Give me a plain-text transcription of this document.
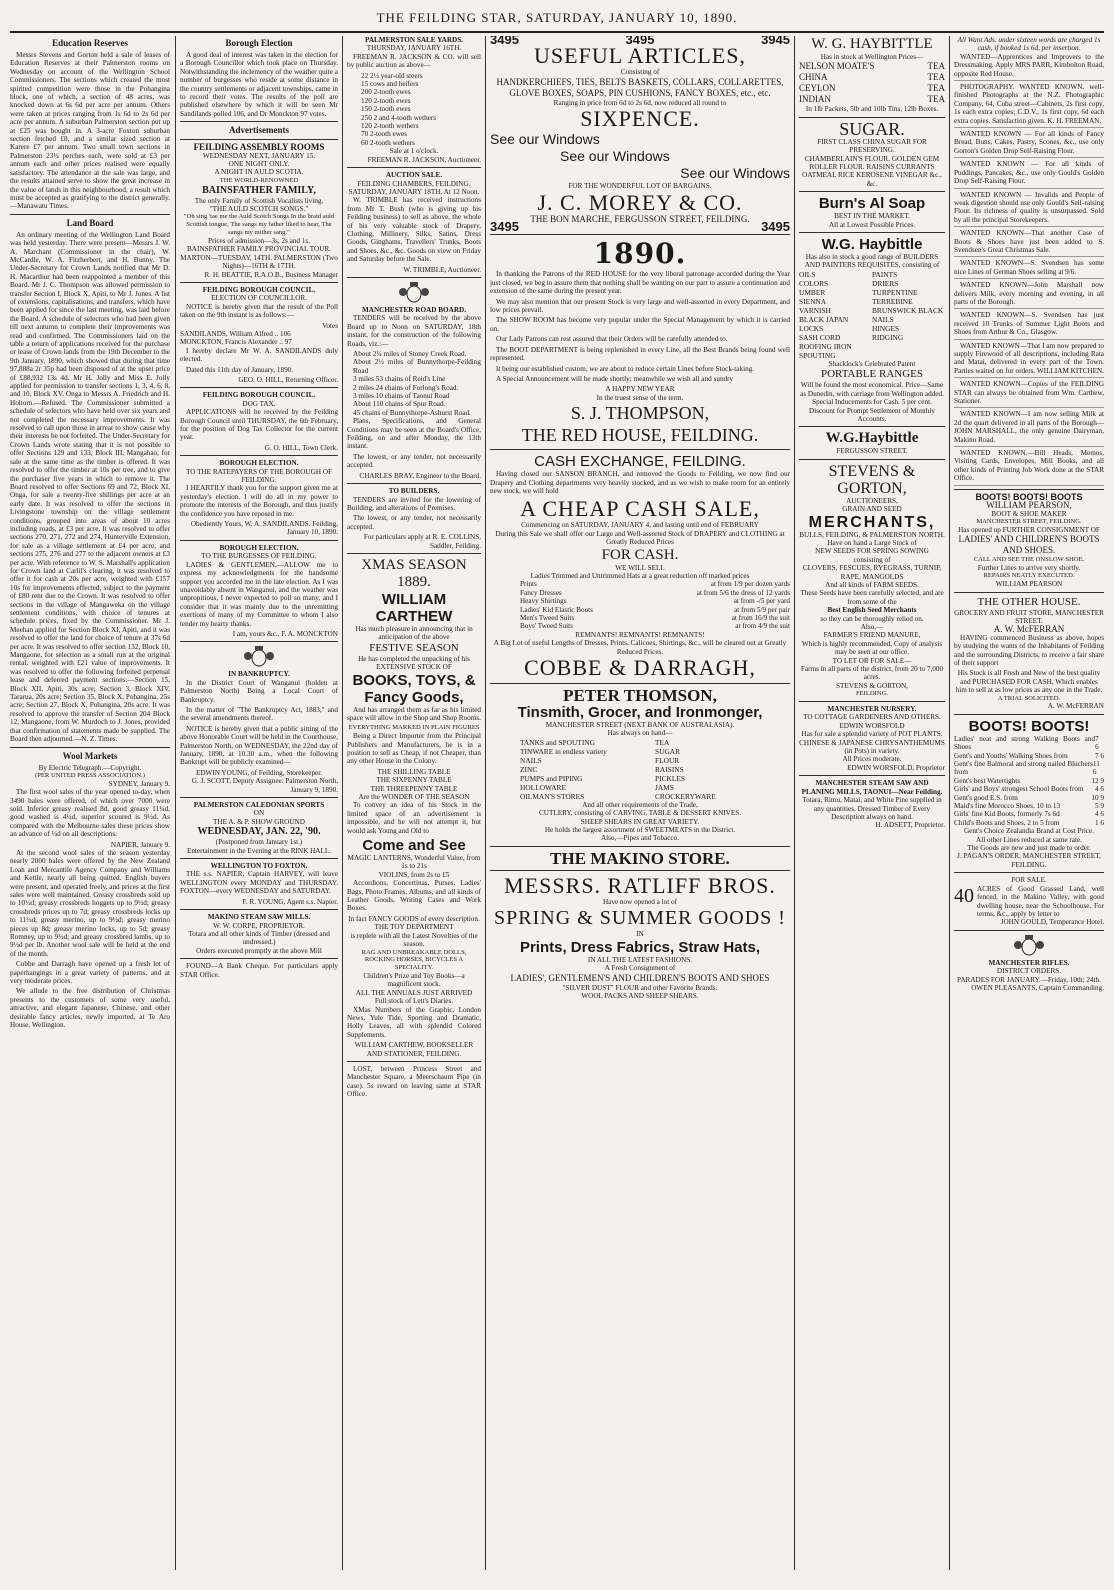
THE FEILDING STAR, SATURDAY, JANUARY 10, 1890.
Education Reserves

Messrs Stevens and Gorton held a sale of leases of Education Reserves at their Palmerston rooms on Wednesday on account of the Wellington School Commissioners. The sections which created the most spirited competition were those in the Pohangina block, one of which, a section of 48 acres, was knocked down at 6s 6d per acre per annum. Others were taken at prices ranging from 1s 6d to 2s 6d per acre per annum. A suburban Palmerston section put up at £25 was bought in. A 3-acre Foxton suburban section fetched £8, and a similar sized section at Karere £7 per annum. Two small town sections in Palmerston 23½ perches each, were sold at £3 per annum each and other prices realised were equally satisfactory. The attendance at the sale was large, and the results attained serve to show the great increase in the value of lands in this neighbourhood, a result which must be accepted as gratifying to the district generally.—Manawatu Times.

Land Board

An ordinary meeting of the Wellington Land Board was held yesterday. There were present—Messrs J. W. A. Marchant (Commissioner in the chair), W. McCardle, W. A. Fitzherbert, and H. Bunny. The Under-Secretary for Crown Lands notified that Mr D. H. Macarthur had been reappointed a member of this Board. Mr J. C. Thompson was allowed permission to transfer Section I, Block X, Apiti, to Mr J. Jones. A list of extensions, capitalisations, and transfers, which have been applied for since the last meeting, was laid before the Board. A schedule of selectors who had been given till next autumn to complete their improvements was read and confirmed. The Commissioners laid on the table a return of applications received for the purchase or lease of Crown lands from the 19th December to the 9th January, 1890, which showed that during that time 97,888a 2r 35p had been disposed of at the upset price of £88,932 13s 4d. Mr H. Jolly and Miss E. Jolly applied for permission to transfer sections 1, 3, 4, 6, 8, and 10, Block XV, Onga to Messrs A. Friedrich and H. Holtorn.—Refused. The Commissioner submitted a schedule of selectors who have held over six years and not completed the necessary improvements. It was resolved to call upon those in arrear to show cause why their interests be not forfeited. The Under-Secretary for Crown Lands wrote stating that it is not possible to offer Sections 129 and 133, Block III, Mangahao, for sale at the same time as the timber is offered. It was resolved to offer the timber at 10s per tree, and to give the purchaser five years in which to remove it. The Board resolved to offer Sections 69 and 72, Block XI, Onga, for sale a twenty-five shillings per acre at an early date. It was resolved to offer the sections in Livingstone township on the village settlement conditions, grouped into areas of about 10 acres including roads, at £3 per acre. It was resolved to offer sections 270, 271, 272 and 274, Hunterville Extension, for sale as a village settlement at £4 per acre, and sections 275, 276 and 277 to the adjacent owners at £3 per acre. With reference to W. S. Marshall's application for Crown land at Carlil's clearing, it was resolved to offer it for cash at 20s per acre, weighted with £157 10s for improvements effected, subject to the payment of £80 rent due to the Crown. It was resolved to offer sections in the village of Mangaweka on the village settlement conditions, with choice of tenures at schedule prices, fixed by the Commissioner. Mr J. Meehan applied for Section Block XI, Apiti, and it was resolved to offer the land for choice of tenure at 37s 6d per acre. It was resolved to offer section 132, Block 10, Mangaone, for selection as a small run at the original rental, weighted with £21 value of improvements. It was resolved to offer the following forfeited perpetual lease and deferred payment sections:—Section 15, Block XII, Apiti, 30s acre; Section 3, Block XIV, Tararua, 20s acre; Section 35, Block X, Pohangina, 25s acre; Section 27, Block X, Pohangina, 20s acre. It was resolved to approve the transfer of Section 204 Block 12, Mangaone, from W. Murdoch to J. Jones, provided that confirmation of statements made be supplied. The Board then adjourned.—N. Z. Times.

Wool Markets
By Electric Telegraph.—Copyright.
(PER UNITED PRESS ASSOCIATION.)
SYDNEY, January 9.

The first wool sales of the year opened to-day, when 3490 bales were offered, of which over 7000 were sold. Inferior greasy realised 8d, good greasy 11¼d, good washed is 4¼d, superior scoured is 9½d. As compared with the Melbourne sales these prices show an advance of ¼d on all descriptions.

NAPIER, January 9.

At the second wool sales of the season yesterday nearly 2000 bales were offered by the New Zealand Loan and Mercantile Agency Company and Williams and Kettle, nearly all being quitted. English buyers were present, and operated freely, and prices at the first sales were well maintained. Greasy crossbreds sold up to 10½d; greasy crossbreds hoggets up to 9½d; greasy crossbreds prices up to 7d; greasy crossbreds locks up to 11½d; greasy merino, up to 9½d; greasy merino pieces up 8d; greasy merino locks, up to 5d; greasy Romney, up to 9½d; and greasy crossbred lambs, up to 9½d per lb. Another wool sale will be held at the end of the month.

Cobbe and Darragh have opened up a fresh lot of paperhangings in a great variety of patterns, and at very moderate prices.

We allude to the free distribution of Christmas presents to the customers of some very useful, attractive, and elegant Japanese, Chinese, and other desirable fancy articles, newly imported, at Te Aro House, Wellington.

Borough Election

A good deal of interest was taken in the election for a Borough Councillor which took place on Thursday. Notwithstanding the inclemency of the weather quite a number of burgesses who reside at some distance in the country settlements or adjacent townships, came in to record their votes. The results of the poll are published elsewhere by which it will be seen Mr Sandilands polled 106, and Dr Monckton 97 votes.

Advertisements
FEILDING ASSEMBLY ROOMS
WEDNESDAY NEXT, JANUARY 15.
ONE NIGHT ONLY.
A NIGHT IN AULD SCOTIA.
THE WORLD-RENOWNED
BAINSFATHER FAMILY,
The only Family of Scottish Vocalists living.
"THE AULD SCOTCH SONGS."
"Oh sing 'tae me the Auld Scotch Songs In the braid auld Scottish tongue, The sangs my father liked to hear, The sangs my mither sang."
Prices of admission—3s, 2s and 1s.
BAINSFATHER FAMILY PROVINCIAL TOUR.
MARTON—TUESDAY, 14TH. PALMERSTON (Two Nights)—16TH & 17TH.
R. H. BEATTIE, R.A.O.B., Business Manager
FEILDING BOROUGH COUNCIL.
ELECTION OF COUNCILLOR.

NOTICE is hereby given that the result of the Poll taken on the 9th instant is as follows:—

Votes
SANDILANDS, William Alfred .. 106
MONCKTON, Francis Alexander .. 97

I hereby declare Mr W. A. SANDILANDS duly elected.

Dated this 11th day of January, 1890.

GEO. O. HILL, Returning Officer.
FEILDING BOROUGH COUNCIL.
DOG TAX.

APPLICATIONS will be received by the Feilding Borough Council until THURSDAY, the 6th February, for the position of Dog Tax Collector for the current year.

G. O. HILL, Town Clerk.
BOROUGH ELECTION.
TO THE RATEPAYERS OF THE BOROUGH OF FEILDING.

I HEARTILY thank you for the support given me at yesterday's election. I will do all in my power to promote the interests of the Borough, and thus justify the confidence you have reposed in me.

Obediently Yours, W. A. SANDILANDS. Feilding, January 10, 1890.
BOROUGH ELECTION.
TO THE BURGESSES OF FEILDING.

LADIES & GENTLEMEN,—ALLOW me to express my acknowledgments for the handsome support you accorded me in the late election. As I was unavoidably absent in Wanganui, and the weather was unpropitious, I never expected to poll so many, and I consider that it was mainly due to the unremitting exertions of many of my Committee to whom I also tender my hearty thanks.

I am, yours &c., F. A. MONCKTON
IN BANKRUPTCY.

In the District Court of Wanganui (holden at Palmerston North) Being a Local Court of Bankruptcy.

In the matter of "The Bankruptcy Act, 1883," and the several amendments thereof.

NOTICE is hereby given that a public sitting of the above Honorable Court will be held in the Courthouse, Palmerston North, on WEDNESDAY, the 22nd day of January, 1890, at 10.30 a.m., when the following Bankrupt will be publicly examined—

EDWIN YOUNG, of Feilding, Storekeeper.
G. J. SCOTT, Deputy Assignee. Palmerston North, January 9, 1890.
PALMERSTON CALEDONIAN SPORTS
ON
THE A. & P. SHOW GROUND
WEDNESDAY, JAN. 22, '90.
(Postponed from January 1st.)
Entertainment in the Evening at the RINK HALL.
WELLINGTON TO FOXTON.

THE s.s. NAPIER, Captain HARVEY, will leave WELLINGTON every MONDAY and THURSDAY. FOXTON—every WEDNESDAY and SATURDAY.

F. R. YOUNG, Agent s.s. Napier.
MAKINO STEAM SAW MILLS.
W. W. CORPE, PROPRIETOR.
Totara and all other kinds of Timber (dressed and undressed.)
Orders executed promptly at the above Mill

FOUND—A Bank Cheque. For particulars apply STAR Office.

PALMERSTON SALE YARDS.
THURSDAY, JANUARY 16TH.

FREEMAN R. JACKSON & CO. will sell by public auction as above—

22 2½ year-old steers
15 cows and heifers
200 2-tooth ewes
120 2-tooth ewes
150 2-tooth ewes
250 2 and 4-tooth wethers
120 2-tooth wethers
70 2-tooth ewes
60 2-tooth wethers
Sale at 1 o'clock.
FREEMAN R. JACKSON, Auctioneer.
AUCTION SALE.
FEILDING CHAMBERS, FEILDING.
SATURDAY, JANUARY 18TH, At 12 Noon.

W. TRIMBLE has received instructions from Mr T. Bush (who is giving up his Feilding business) to sell as above, the whole of his very valuable stock of Drapery, Clothing, Millinery, Silks, Satins, Dress Goods, Ginghams, Travellers' Trunks, Boots and Shoes, &c., &c. Goods on view on Friday and Saturday before the Sale.

W. TRIMBLE, Auctioneer.
MANCHESTER ROAD BOARD.

TENDERS will be received by the above Board up to Noon on SATURDAY, 18th instant, for the construction of the following Roads, viz.:—

About 2¼ miles of Stoney Creek Road.
About 2½ miles of Bunnythorpe-Feilding Road
3 miles 53 chains of Reid's Line
2 miles 24 chains of Forlong's Road.
3 miles 10 chains of Taonui Road
About 110 chains of Spur Road.
45 chains of Bunnythorpe-Ashurst Road.

Plans, Specifications, and General Conditions may be seen at the Board's Office, Feilding, on and after Monday, the 13th instant.

The lowest, or any tender, not necessarily accepted.

CHARLES BRAY, Engineer to the Board.
TO BUILDERS.

TENDERS are invited for the lowering of Building, and alterations of Premises.

The lowest, or any tender, not necessarily accepted.

For particulars apply at R. E. COLLINS, Saddler, Feilding.
XMAS SEASON 1889.
WILLIAM CARTHEW
Has much pleasure in announcing that in anticipation of the above
FESTIVE SEASON
He has completed the unpacking of his EXTENSIVE STOCK OF
BOOKS, TOYS, &
Fancy Goods,

And has arranged them as far as his limited space will allow in the Shop and Shop Rooms.

EVERYTHING MARKED IN PLAIN FIGURES

Being a Direct Importer from the Principal Publishers and Manufacturers, he is in a position to sell as Cheap, if not Cheaper, than any other House in the Colony.

THE SHILLING TABLE
THE SIXPENNY TABLE
THE THREEPENNY TABLE
Are the WONDER OF THE SEASON

To convey an idea of his Stock in the limited space of an advertisement is impossible, and he will not attempt it, but would ask Young and Old to

Come and See
MAGIC LANTERNS, Wonderful Value, from 1s to 21s
VIOLINS, from 2s to £5

Accordions, Concertinas, Purses, Ladies' Bags, Photo Frames, Albums, and all kinds of Leather Goods, Writing Cases and Work Boxes.

In fact FANCY GOODS of every description.
THE TOY DEPARTMENT
is replete with all the Latest Novelties of the season.
RAG AND UNBREAKABLE DOLLS, ROCKING HORSES, BICYCLES A SPECIALITY.
Children's Prize and Toy Books—a magnificent stock.
ALL THE ANNUALS JUST ARRIVED
Full stock of Lett's Diaries.

XMas Numbers of the Graphic, London News, Yule Tide, Sporting and Dramatic, Holly Leaves, all with splendid Colored Supplements.

WILLIAM CARTHEW, BOOKSELLER AND STATIONER, FEILDING.

LOST, between Princess Street and Manchester Square, a Meerschaum Pipe (in case). 5s reward on leaving same at STAR Office.

3495	3495	3945
USEFUL ARTICLES,
Consisting of
HANDKERCHIEFS, TIES, BELTS BASKETS, COLLARS, COLLARETTES, GLOVE BOXES, SOAPS, PIN CUSHIONS, FANCY BOXES, etc., etc.
Ranging in price from 6d to 2s 6d, now reduced all round to
SIXPENCE.
See our Windows
See our Windows
See our Windows
FOR THE WONDERFUL LOT OF BARGAINS.
J. C. MOREY & CO.
THE BON MARCHE, FERGUSSON STREET, FEILDING.
3495	3495
1890.

In thanking the Patrons of the RED HOUSE for the very liberal patronage accorded during the Year just closed, we beg to assure them that nothing shall be wanting on our part to assure a continuation and extension of the same during the present year.

We may also mention that our present Stock is very large and well-assorted in every Department, and low prices prevail.

The SHOW ROOM has become very popular under the Special Management by which it is carried on.

Our Lady Patrons can rest assured that their Orders will be carefully attended to.

The BOOT DEPARTMENT is being replenished in every Line, all the Best Brands being found well represented.

It being our established custom, we are about to reduce certain Lines before Stock-taking.

A Special Announcement will be made shortly; meanwhile we wish all and sundry

A HAPPY NEW YEAR
In the truest sense of the term.
S. J. THOMPSON,
THE RED HOUSE, FEILDING.
CASH EXCHANGE, FEILDING.

Having closed our SANSON BRANCH, and removed the Goods to Feilding, we now find our Drapery and Clothing departments very heavily stocked, and as we wish to make room for an entirely new stock, we will hold

A CHEAP CASH SALE,
Commencing on SATURDAY, JANUARY 4, and lasting until end of FEBRUARY
During this Sale we shall offer our Large and Well-assorted Stock of DRAPERY and CLOTHING at Greatly Reduced Prices
FOR CASH.
WE WILL SELL
Ladies Trimmed and Untrimmed Hats at a great reduction off marked prices
Prints	at from 1/9 per dozen yards
Fancy Dresses	at from 5/6 the dress of 12 yards
Heavy Shirtings	at from -/5 per yard
Ladies' Kid Elastic Boots	at from 5/9 per pair
Men's Tweed Suits	at from 16/9 the suit
Boys' Tweed Suits	at from 4/9 the suit
REMNANTS! REMNANTS! REMNANTS!
A Big Lot of useful Lengths of Dresses, Prints, Calicoes, Shirtings, &c., will be cleared out at Greatly Reduced Prices.
COBBE & DARRAGH,
PETER THOMSON,
Tinsmith, Grocer, and Ironmonger,
MANCHESTER STREET (NEXT BANK OF AUSTRALASIA).
Has always on hand—
TANKS and SPOUTING
TINWARE in endless variety
NAILS
ZINC
PUMPS and PIPING
HOLLOWARE
OILMAN'S STORES
TEA
SUGAR
FLOUR
RAISINS
PICKLES
JAMS
CROCKERYWARE
And all other requirements of the Trade,
CUTLERY, consisting of CARVING, TABLE & DESSERT KNIVES.
SHEEP SHEARS IN GREAT VARIETY.
He holds the largest assortment of SWEETMEATS in the District.
Also,—Pipes and Tobacco.
THE MAKINO STORE.
MESSRS. RATLIFF BROS.
Have now opened a lot of
SPRING & SUMMER GOODS !
IN
Prints, Dress Fabrics, Straw Hats,
IN ALL THE LATEST FASHIONS.
A Fresh Consignment of
LADIES', GENTLEMEN'S AND CHILDREN'S BOOTS AND SHOES
"SILVER DUST" FLOUR and other Favorite Brands.
WOOL PACKS AND SHEEP SHEARS.
W. G. HAYBITTLE
Has in stock at Wellington Prices—
NELSON MOATE'S	TEA
CHINA	TEA
CEYLON	TEA
INDIAN	TEA
In 1lb Packets, 5lb and 10lb Tins, 12lb Boxes.
SUGAR.
FIRST CLASS CHINA SUGAR FOR PRESERVING.
CHAMBERLAIN'S FLOUR, GOLDEN GEM ROLLER FLOUR. RAISINS CURRANTS OATMEAL RICE KEROSENE VINEGAR &c., &c.
Burn's Al Soap
BEST IN THE MARKET.
All at Lowest Possible Prices.
W.G. Haybittle
Has also in stock a good range of BUILDERS AND PAINTERS REQUISITES, consisting of
OILS
COLORS
UMBER
SIENNA
VARNISH
BLACK JAPAN
LOCKS
SASH CORD
ROOFING IRON
SPOUTING
PAINTS
DRIERS
TURPENTINE
TERREBINE
BRUNSWICK BLACK
NAILS
HINGES
RIDGING
Shacklock's Celebrated Patent
PORTABLE RANGES
Will be found the most economical. Price—Same as Dunedin, with carriage from Wellington added. Special Inducements for Cash. 5 per cent. Discount for Prompt Settlement of Monthly Accounts.
W.G.Haybittle
FERGUSSON STREET.
STEVENS & GORTON,
AUCTIONEERS,
GRAIN AND SEED
MERCHANTS,
BULLS, FEILDING, & PALMERSTON NORTH.
Have on hand a Large Stock of
NEW SEEDS FOR SPRING SOWING
consisting of
CLOVERS, FESCUES, RYEGRASS, TURNIP, RAPE, MANGOLDS
And all kinds of FARM SEEDS.
These Seeds have been carefully selected, and are from some of the
Best English Seed Merchants
so they can be thoroughly relied on.
Also,—
FARMER'S FRIEND MANURE,
Which is highly recommended. Copy of analysis may be seen at our office.
TO LET OR FOR SALE—
Farms in all parts of the district, from 20 to 7,000 acres.
STEVENS & GORTON,
FEILDING.
MANCHESTER NURSERY.
TO COTTAGE GARDENERS AND OTHERS.
EDWIN WORSFOLD
Has for sale a splendid variety of POT PLANTS.
CHINESE & JAPANESE CHRYSANTHEMUMS (in Pots) in variety.
All Prices moderate.
EDWIN WORSFOLD, Proprietor
MANCHESTER STEAM SAW AND PLANING MILLS, TAONUI—Near Feilding.
Totara, Rimu, Matai, and White Pine supplied in any quantities. Dressed Timber of Every Description always on hand.
H. ADSETT, Proprietor.
All Want Ads. under sixteen words are charged 1s cash, if booked 1s 6d, per insertion.

WANTED—Apprentices and Improvers to the Dressmaking. Apply MRS PARR, Kimbolton Road, opposite Red House.

PHOTOGRAPHY. WANTED KNOWN, well-finished Photographs at the N.Z. Photographic Company, 64, Cuba street—Cabinets, 2s first copy, 1s each extra copies; C.D.V., 1s first copy, 6d each extra copies. Satisfaction given. K. H. FREEMAN.

WANTED KNOWN — For all kinds of Fancy Bread, Buns, Cakes, Pastry, Scones, &c., use only Gorton's Golden Drop Self-Raising Flour.

WANTED KNOWN — For all kinds of Puddings, Pancakes, &c., use only Gould's Golden Drop Self-Raising Flour.

WANTED KNOWN — Invalids and People of weak digestion should use only Gould's Self-raising Flour. Its richness of quality is unsurpassed. Sold by all the principal Storekeepers.

WANTED KNOWN—That another Case of Boots & Shoes have just been added to S. Svendsen's Great Christmas Sale.

WANTED KNOWN—S. Svendsen has some nice Lines of German Shoes selling at 9/6.

WANTED KNOWN—John Marshall now delivers Milk, every morning and evening, in all parts of the Borough.

WANTED KNOWN—S. Svendsen has just received 10 Trunks of Summer Light Boots and Shoes from Arthur & Co., Glasgow.

WANTED KNOWN—That I am now prepared to supply Firewood of all descriptions, including Rata and Matai, delivered in every part of the Town. Parties waited on for orders. WILLIAM KITCHEN.

WANTED KNOWN—Copies of the FEILDING STAR can always be obtained from Wm. Carthew, Stationer.

WANTED KNOWN—I am now selling Milk at 2d the quart delivered in all parts of the Borough—JOHN MARSHALL, the only genuine Dairyman, Makino Road.

WANTED KNOWN.—Bill Heads, Memos, Visiting Cards, Envelopes, Mill Books, and all other kinds of Printing Job Work done at the STAR Office.

BOOTS! BOOTS! BOOTS
WILLIAM PEARSON,
BOOT & SHOE MAKER
MANCHESTER STREET, FEILDING.
Has opened up FURTHER CONSIGNMENT OF
LADIES' AND CHILDREN'S BOOTS AND SHOES.
CALL AND SEE THE ONSLOW SHOE.
Further Lines to arrive very shortly.
REPAIRS NEATLY EXECUTED.
WILLIAM PEARSON
THE OTHER HOUSE.
GROCERY AND FRUIT STORE, MANCHESTER STREET.
A. W. McFERRAN

HAVING commenced Business as above, hopes by studying the wants of the Inhabitants of Feilding and the surrounding Districts, to receive a fair share of their support

His Stock is all Fresh and New of the best quality and PURCHASED FOR CASH, Which enables him to sell at as low prices as any one in the Trade.
A TRIAL SOLICITED.
A. W. McFERRAN
BOOTS! BOOTS!
Ladies' neat and strong Walking Boots and Shoes
7 6
Gent's and Youths' Walking Shoes from	7 6
Gent's fine Balmoral and strong nailed Bluchers from
11 6
Gent's best Watertights	12 9
Girls' and Boys' strongest School Boots from 4 6
Gent's good E.S. from	10 9
Maid's fine Morocco Shoes, 10 to 13	5 9
Girls' fine Kid Boots, formerly 7s 6d	4 6
Child's Boots and Shoes, 2 to 5 from	1 6
Gent's Choice Zealandia Brand at Cost Price.
All other Lines reduced at same rate.
The Goods are new and just made to order.
J. PAGAN'S ORDER, MANCHESTER STREET, FEILDING.
FOR SALE.
40 ACRES of Good Grassed Land, well fenced, in the Makino Valley, with good dwelling house, near the Schoolhouse. For terms, &c., apply by letter to
JOHN GOULD, Temperance Hotel.
MANCHESTER RIFLES.
DISTRICT ORDERS.
PARADES FOR JANUARY.—Friday, 10th; 24th.
OWEN PLEASANTS, Captain Commanding.
